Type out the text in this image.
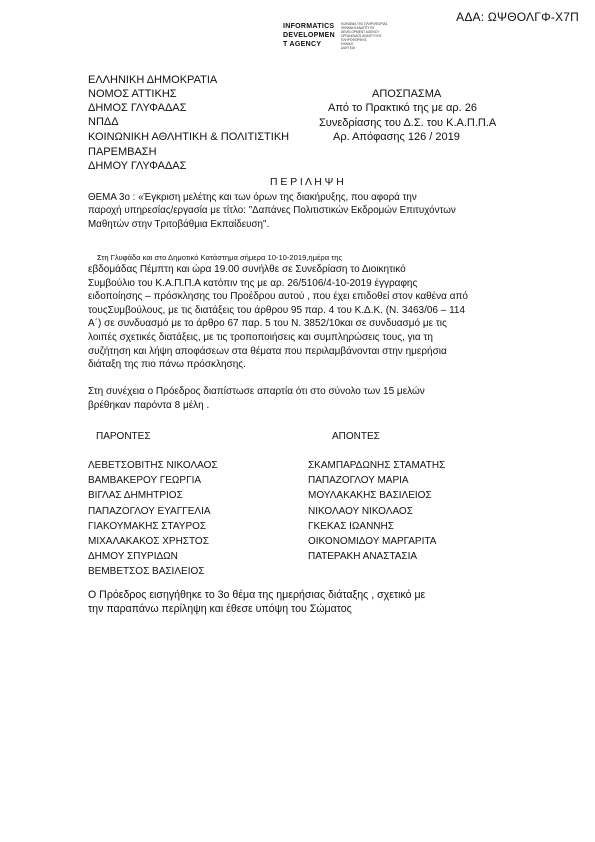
ΑΔΑ: ΩΨΘΟΛΓΦ-Χ7Π
INFORMATICS
DEVELOPMEN
T AGENCY
ΚΟΙΝΩΝΙΑ ΤΗΣ ΠΛΗΡΟΦΟΡΙΑΣ
ΨΗΦΙΑΚΗ ΑΝΑΠΤΥΞΗ
DEVELOPMENT AGENCY
ΟΡΓΑΝΙΣΜΟΣ ΑΝΑΠΤΥΞΗΣ
ΠΛΗΡΟΦΟΡΙΚΗΣ
ΕΘΝΙΚΟ
ΔΙΑΥΓΕΙΑ
ΕΛΛΗΝΙΚΗ ΔΗΜΟΚΡΑΤΙΑ
ΝΟΜΟΣ ΑΤΤΙΚΗΣ
ΔΗΜΟΣ ΓΛΥΦΑΔΑΣ
ΝΠΔΔ
ΚΟΙΝΩΝΙΚΗ ΑΘΛΗΤΙΚΗ & ΠΟΛΙΤΙΣΤΙΚΗ
ΠΑΡΕΜΒΑΣΗ
ΔΗΜΟΥ ΓΛΥΦΑΔΑΣ
ΑΠΟΣΠΑΣΜΑ
Από το Πρακτικό της με αρ. 26
Συνεδρίασης του Δ.Σ. του Κ.Α.Π.Π.Α
Αρ. Απόφασης 126 / 2019
Π Ε Ρ Ι Λ Η Ψ Η
ΘΕΜΑ 3ο : «Έγκριση μελέτης και των όρων της διακήρυξης, που αφορά την
παροχή υπηρεσίας/εργασία με τίτλο: "Δαπάνες Πολιτιστικών Εκδρομών Επιτυχόντων
Μαθητών στην Τριτοβάθμια Εκπαίδευση".
Στη Γλυφάδα και στο Δημοτικό Κατάστημα σήμερα 10-10-2019,ημέρα της
εβδομάδας Πέμπτη και ώρα 19.00 συνήλθε σε Συνεδρίαση το Διοικητικό
Συμβούλιο του Κ.Α.Π.Π.Α κατόπιν της με αρ. 26/5106/4-10-2019 έγγραφης
ειδοποίησης – πρόσκλησης του Προέδρου αυτού , που έχει επιδοθεί στον καθένα από
τουςΣυμβούλους, με τις διατάξεις του άρθρου 95 παρ. 4 του Κ.Δ.Κ. (Ν. 3463/06 – 114
Α΄) σε συνδυασμό με το άρθρο 67 παρ. 5 του Ν. 3852/10και σε συνδυασμό με τις
λοιπές σχετικές διατάξεις, με τις τροποποιήσεις και συμπληρώσεις τους, για τη
συζήτηση και λήψη αποφάσεων στα θέματα που περιλαμβάνονται στην ημερήσια
διάταξη της πιο πάνω πρόσκλησης.
Στη συνέχεια ο Πρόεδρος διαπίστωσε απαρτία ότι στο σύνολο των 15 μελών
βρέθηκαν παρόντα 8 μέλη .
ΠΑΡΟΝΤΕΣ	ΑΠΟΝΤΕΣ
ΛΕΒΕΤΣΟΒΙΤΗΣ ΝΙΚΟΛΑΟΣ
ΒΑΜΒΑΚΕΡΟΥ ΓΕΩΡΓΙΑ
ΒΙΓΛΑΣ ΔΗΜΗΤΡΙΟΣ
ΠΑΠΑΖΟΓΛΟΥ ΕΥΑΓΓΕΛΙΑ
ΓΙΑΚΟΥΜΑΚΗΣ ΣΤΑΥΡΟΣ
ΜΙΧΑΛΑΚΑΚΟΣ ΧΡΗΣΤΟΣ
ΔΗΜΟΥ ΣΠΥΡΙΔΩΝ
ΒΕΜΒΕΤΣΟΣ ΒΑΣΙΛΕΙΟΣ
ΣΚΑΜΠΑΡΔΩΝΗΣ ΣΤΑΜΑΤΗΣ
ΠΑΠΑΖΟΓΛΟΥ ΜΑΡΙΑ
ΜΟΥΛΑΚΑΚΗΣ ΒΑΣΙΛΕΙΟΣ
ΝΙΚΟΛΑΟΥ ΝΙΚΟΛΑΟΣ
ΓΚΕΚΑΣ ΙΩΑΝΝΗΣ
ΟΙΚΟΝΟΜΙΔΟΥ ΜΑΡΓΑΡΙΤΑ
ΠΑΤΕΡΑΚΗ ΑΝΑΣΤΑΣΙΑ
Ο Πρόεδρος εισηγήθηκε το 3ο θέμα της ημερήσιας διάταξης , σχετικό με
την παραπάνω περίληψη και έθεσε υπόψη του Σώματος
